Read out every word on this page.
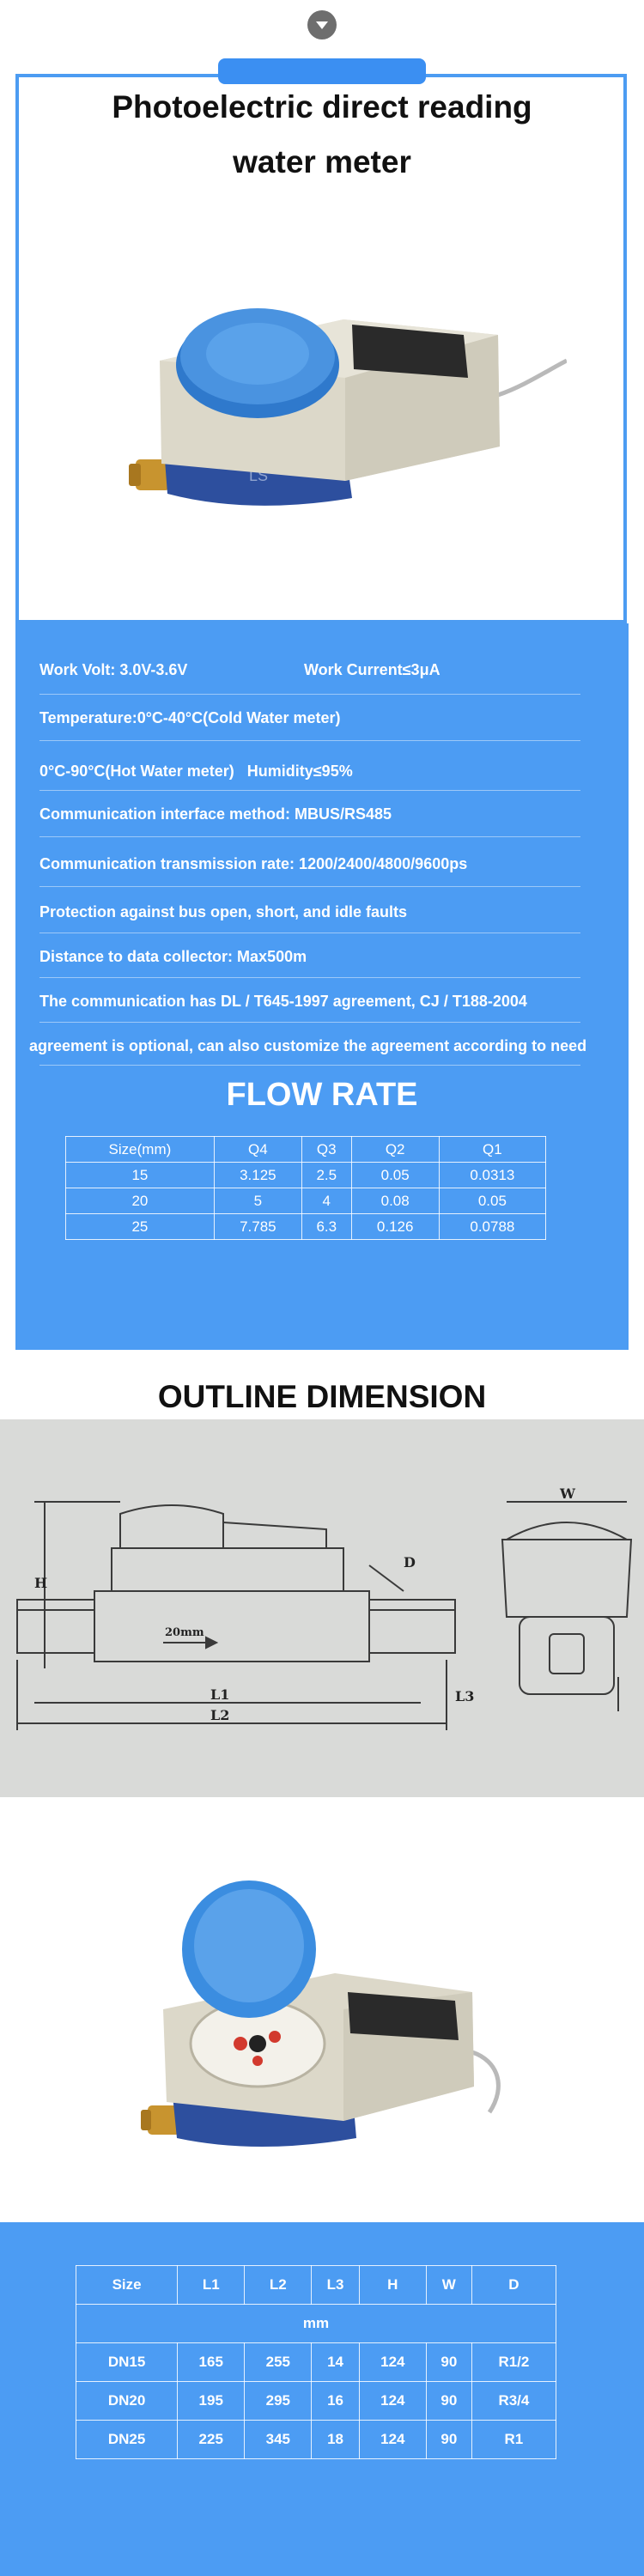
Photoelectric direct reading
water meter
LS
Work Volt: 3.0V-3.6V	Work Current≤3μA
Temperature:0°C-40°C(Cold Water meter)
0°C-90°C(Hot Water meter) Humidity≤95%
Communication interface method: MBUS/RS485
Communication transmission rate: 1200/2400/4800/9600ps
Protection against bus open, short, and idle faults
Distance to data collector: Max500m
The communication has DL / T645-1997 agreement, CJ / T188-2004
agreement is optional, can also customize the agreement according to need
FLOW RATE
Size(mm)	Q4	Q3	Q2	Q1
15	3.125	2.5	0.05	0.0313
20	5	4	0.08	0.05
25	7.785	6.3	0.126	0.0788
OUTLINE DIMENSION
H
L1
L2
L3
W
D
20mm
Size	L1	L2	L3	H	W	D
mm						
DN15	165	255	14	124	90	R1/2
DN20	195	295	16	124	90	R3/4
DN25	225	345	18	124	90	R1
